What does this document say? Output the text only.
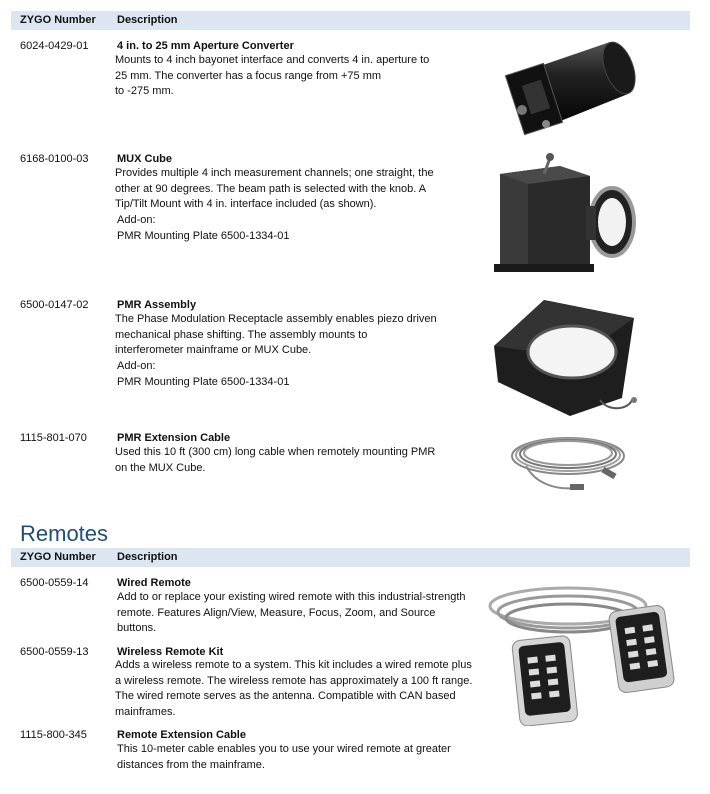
ZYGO Number Description
6024-0429-01	4 in. to 25 mm Aperture Converter
Mounts to 4 inch bayonet interface and converts 4 in. aperture to
25 mm. The converter has a focus range from +75 mm
to -275 mm.
6168-0100-03	MUX Cube
Provides multiple 4 inch measurement channels; one straight, the
other at 90 degrees. The beam path is selected with the knob. A
Tip/Tilt Mount with 4 in. interface included (as shown).
Add-on:
PMR Mounting Plate 6500-1334-01
6500-0147-02	PMR Assembly
The Phase Modulation Receptacle assembly enables piezo driven
mechanical phase shifting. The assembly mounts to
interferometer mainframe or MUX Cube.
Add-on:
PMR Mounting Plate 6500-1334-01
1115-801-070	PMR Extension Cable
Used this 10 ft (300 cm) long cable when remotely mounting PMR
on the MUX Cube.
Remotes
ZYGO Number Description
6500-0559-14	Wired Remote
Add to or replace your existing wired remote with this industrial-strength
remote. Features Align/View, Measure, Focus, Zoom, and Source
buttons.
6500-0559-13	Wireless Remote Kit
Adds a wireless remote to a system. This kit includes a wired remote plus
a wireless remote. The wireless remote has approximately a 100 ft range.
The wired remote serves as the antenna. Compatible with CAN based
mainframes.
1115-800-345	Remote Extension Cable
This 10-meter cable enables you to use your wired remote at greater
distances from the mainframe.
